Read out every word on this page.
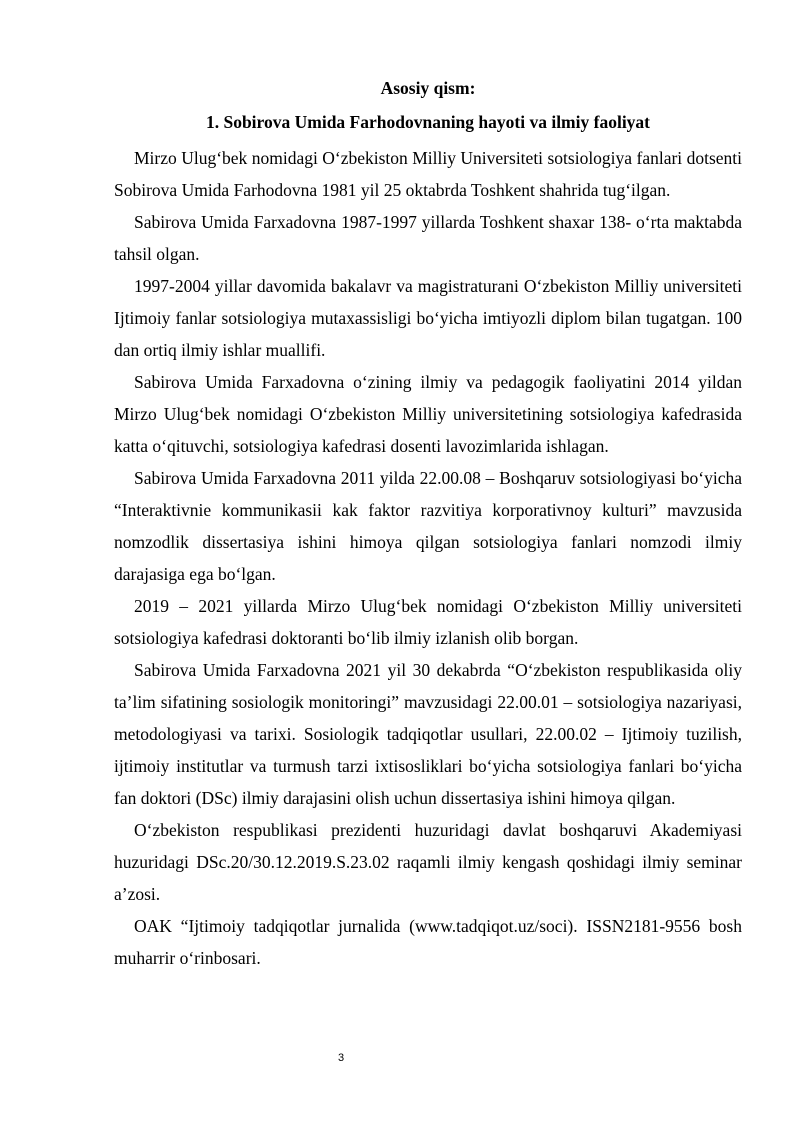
Asosiy qism:

1. Sobirova Umida Farhodovnaning hayoti va ilmiy faoliyat

Mirzo Ulug‘bek nomidagi O‘zbekiston Milliy Universiteti sotsiologiya fanlari dotsenti Sobirova Umida Farhodovna 1981 yil 25 oktabrda Toshkent shahrida tug‘ilgan.

Sabirova Umida Farxadovna 1987-1997 yillarda Toshkent shaxar 138- o‘rta maktabda tahsil olgan.

1997-2004 yillar davomida bakalavr va magistraturani O‘zbekiston Milliy universiteti Ijtimoiy fanlar sotsiologiya mutaxassisligi bo‘yicha imtiyozli diplom bilan tugatgan. 100 dan ortiq ilmiy ishlar muallifi.

Sabirova Umida Farxadovna o‘zining ilmiy va pedagogik faoliyatini 2014 yildan Mirzo Ulug‘bek nomidagi O‘zbekiston Milliy universitetining sotsiologiya kafedrasida katta o‘qituvchi, sotsiologiya kafedrasi dosenti lavozimlarida ishlagan.

Sabirova Umida Farxadovna 2011 yilda 22.00.08 – Boshqaruv sotsiologiyasi bo‘yicha “Interaktivnie kommunikasii kak faktor razvitiya korporativnoy kulturi” mavzusida nomzodlik dissertasiya ishini himoya qilgan sotsiologiya fanlari nomzodi ilmiy darajasiga ega bo‘lgan.

2019 – 2021 yillarda Mirzo Ulug‘bek nomidagi O‘zbekiston Milliy universiteti sotsiologiya kafedrasi doktoranti bo‘lib ilmiy izlanish olib borgan.

Sabirova Umida Farxadovna 2021 yil 30 dekabrda “O‘zbekiston respublikasida oliy ta’lim sifatining sosiologik monitoringi” mavzusidagi 22.00.01 – sotsiologiya nazariyasi, metodologiyasi va tarixi. Sosiologik tadqiqotlar usullari, 22.00.02 – Ijtimoiy tuzilish, ijtimoiy institutlar va turmush tarzi ixtisosliklari bo‘yicha sotsiologiya fanlari bo‘yicha fan doktori (DSc) ilmiy darajasini olish uchun dissertasiya ishini himoya qilgan.

O‘zbekiston respublikasi prezidenti huzuridagi davlat boshqaruvi Akademiyasi huzuridagi DSc.20/30.12.2019.S.23.02 raqamli ilmiy kengash qoshidagi ilmiy seminar a’zosi.

OAK “Ijtimoiy tadqiqotlar jurnalida (www.tadqiqot.uz/soci). ISSN2181-9556 bosh muharrir o‘rinbosari.

3
